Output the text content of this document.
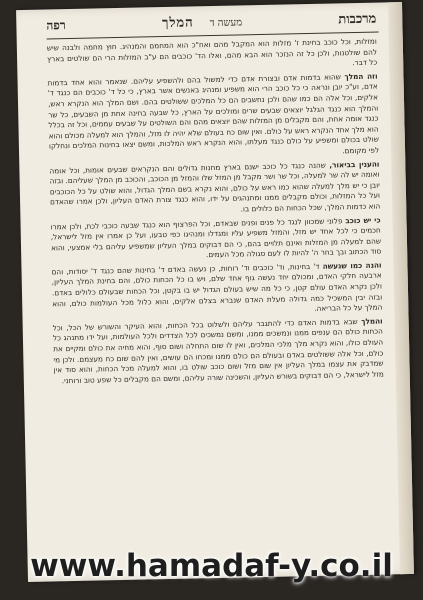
מרכבות
מעשה ד
המלך
רפה

ומזלות, וכל כוכב בחינת ז' מזלות הוא המקבל מהם ואח"כ הוא המחמם והמנהיג. חוץ מחמה ולבנה שיש להם שולטנות, ולכן כל זה הנזכר הוא הבא מהם, ואלו הד' כוכבים הם ע"ב המזלות הרי הם שולטים בארץ כל דבר.

וזה המלך שהוא בדמות אדם ובצורת אדם כדי למשול בהם ולהשפיע עליהם. שנאמר והוא אחד בדמות אדם, וע"כ יובן ונראה כי כל כוכב הרי הוא משפיע ומנהיג באנשים אשר בארץ, כי כל ד' כוכבים הם כנגד ד' אלקים, וכל אלה הם כמו שהם ולכן נחשבים הם כל המלכים ששולטים בהם. ושם המלך הוא הנקרא ראש, והמלך הוא כנגד הגלגל יוצאים שבעים שרים ומולכים על הארץ, כל שבעה בחינה אחת מן השבעים, כל שר כנגד אומה אחת, והם מקבלים מן המזלות שהם יוצאים מהם והם השולטים על שבעים עממים, וכל זה בכלל הוא מלך אחד הנקרא ראש על כולם. ואין שום כח בעולם שלא יהיה לו מזל, והמלך הוא למעלה מכולם והוא שולט בכולם ומשפיע על כולם כנגד מעלתו, והוא הנקרא ראש המלכות, ומשם יצאו בחינות המלכים ונחלקו לפי מקומם.

והענין בביאור, שהנה כנגד כל כוכב ישנם בארץ מחנות גדולים והם הנקראים שבעים אומות, וכל אומה ואומה יש לה שר למעלה, וכל שר ושר מקבל מן המזל שלו והמזל מן הכוכב, והכוכב מן המלך שעליהם. ובזה יובן כי יש מלך למעלה שהוא כמו ראש על כולם, והוא נקרא בשם המלך הגדול, והוא שולט על כל הכוכבים ועל כל המזלות, וכולם מקבלים ממנו ומתנהגים על ידו, והוא כנגד צורת האדם העליון, ולכן אמרו שהאדם הוא כדמות המלך, שכל הכחות הם כלולים בו.

כי יש כוכב פלוני שמכוון לנגד כל פנים ופנים שבאדם, וכל הפרצוף הוא כנגד שבעה כוכבי לכת, ולכן אמרו חכמים כי לכל אחד יש מזל, והמזל משפיע עליו ומגדלו ומנהיגו כפי טבעו, ועל כן אמרו אין מזל לישראל, שהם למעלה מן המזלות ואינם תלויים בהם, כי הם דבוקים במלך העליון שמשפיע עליהם בלי אמצעי, והוא סוד הכתוב ובך בחר ה' להיות לו לעם סגולה מכל העמים.

והנה כמו שנעשה ד' בחינות, וד' כוכבים וד' רוחות, כן נעשה באדם ד' בחינות שהם כנגד ד' יסודות, והם ארבעה חלקי האדם, ומכולם יחד נעשה גוף אחד שלם, ויש בו כל הכחות כולם, והם בחינת המלך העליון, ולכן נקרא האדם עולם קטן, כי כל מה שיש בעולם הגדול יש בו בקטן, וכל הכחות שבעולם כלולים באדם. ובזה יבין המשכיל כמה גדולה מעלת האדם שנברא בצלם אלקים, והוא כלול מכל העולמות כולם, והוא המלך על כל הבריאה.

והמלך שבא בדמות האדם כדי להתגבר עליהם ולשלוט בכל הכחות, והוא העיקר והשורש של הכל, וכל הכחות כולם הם ענפים ממנו ונמשכים ממנו, ומשם נמשכים לכל הצדדים ולכל העולמות, ועל ידו מתנהג כל העולם כולו, והוא נקרא מלך מלכי המלכים, ואין לו שום התחלה ושום סוף, והוא מחיה את כולם ומקיים את כולם, וכל אלה ששולטים באדם ובעולם הם כולם ממנו ומכחו הם עושים, ואין להם שום כח מעצמם. ולכן מי שמדבק את עצמו במלך העליון אין שום מזל ושום כוכב שולט בו, והוא למעלה מכל הכחות, והוא סוד אין מזל לישראל, כי הם דבוקים בשורש העליון, והשכינה שורה עליהם, ומשם הם מקבלים כל שפע טוב ורוחני.

www.hamadaf-y.co.il
